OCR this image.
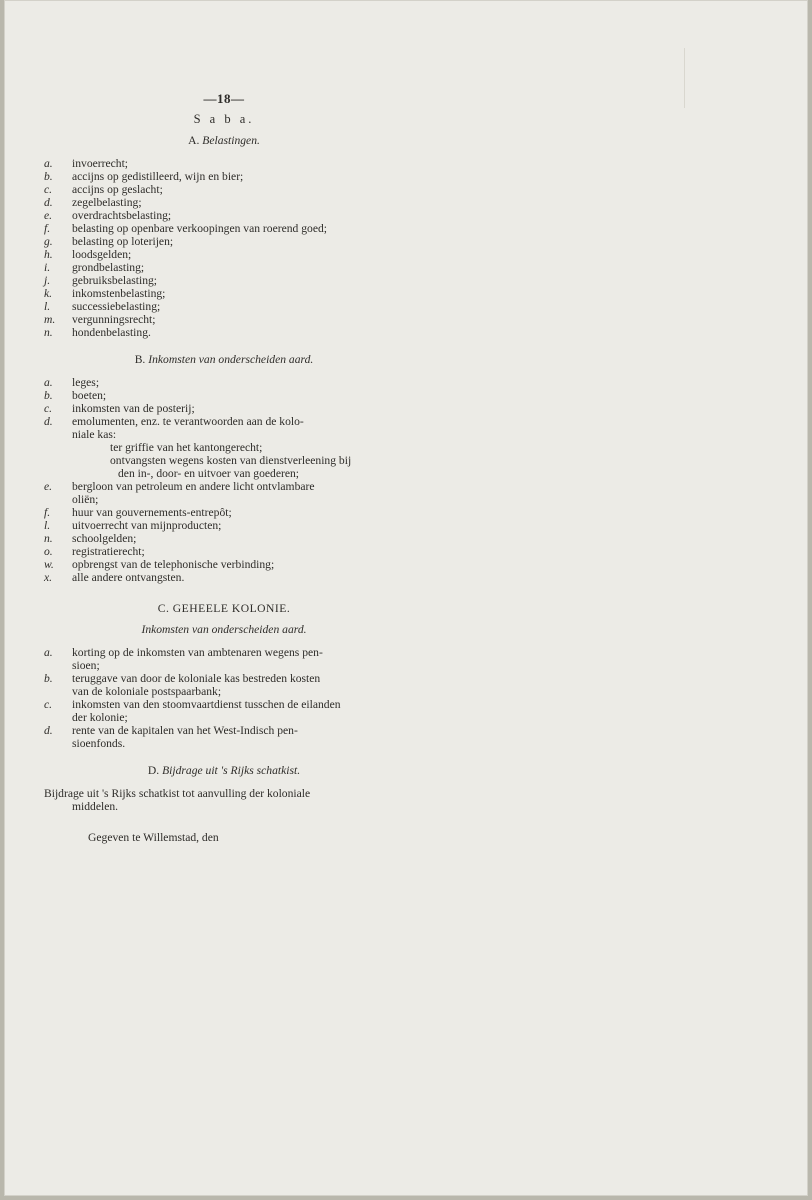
—18—
S a b a.
A. Belastingen.
a.	invoerrecht;
b.	accijns op gedistilleerd, wijn en bier;
c.	accijns op geslacht;
d.	zegelbelasting;
e.	overdrachtsbelasting;
f.	belasting op openbare verkoopingen van roerend goed;
g.	belasting op loterijen;
h.	loodsgelden;
i.	grondbelasting;
j.	gebruiksbelasting;
k.	inkomstenbelasting;
l.	successiebelasting;
m.	vergunningsrecht;
n.	hondenbelasting.
B. Inkomsten van onderscheiden aard.
a.	leges;
b.	boeten;
c.	inkomsten van de posterij;
d.	emolumenten, enz. te verantwoorden aan de kolo-
niale kas:
ter griffie van het kantongerecht;
ontvangsten wegens kosten van dienstverleening bij
den in-, door- en uitvoer van goederen;
e.	bergloon van petroleum en andere licht ontvlambare
oliën;
f.	huur van gouvernements-entrepôt;
l.	uitvoerrecht van mijnproducten;
n.	schoolgelden;
o.	registratierecht;
w.	opbrengst van de telephonische verbinding;
x.	alle andere ontvangsten.
C. GEHEELE KOLONIE.
Inkomsten van onderscheiden aard.
a.	korting op de inkomsten van ambtenaren wegens pen-
sioen;
b.	teruggave van door de koloniale kas bestreden kosten
van de koloniale postspaarbank;
c.	inkomsten van den stoomvaartdienst tusschen de eilanden
der kolonie;
d.	rente van de kapitalen van het West-Indisch pen-
sioenfonds.
D. Bijdrage uit 's Rijks schatkist.
Bijdrage uit 's Rijks schatkist tot aanvulling der koloniale
middelen.
Gegeven te Willemstad, den
